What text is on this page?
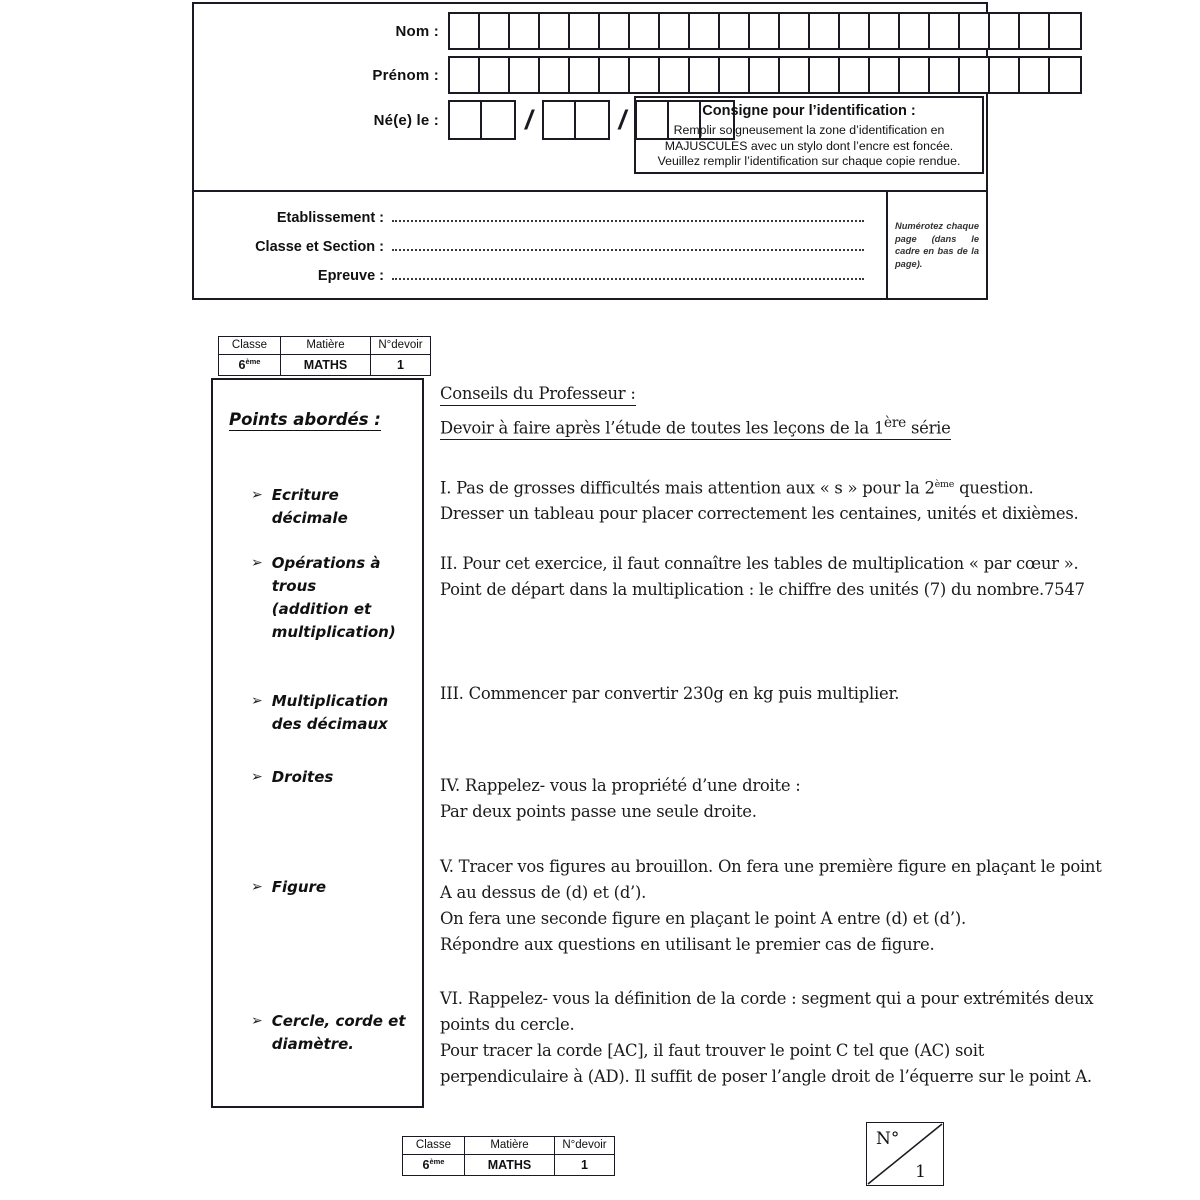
Nom :
Prénom :
Né(e) le :	/	/	Consigne pour l’identification :
Remplir soigneusement la zone d’identification en
MAJUSCULES avec un stylo dont l’encre est foncée.
Veuillez remplir l’identification sur chaque copie rendue.
Etablissement :
Classe et Section :
Epreuve :
Numérotez chaque page (dans le cadre en bas de la page).
Classe	Matière	N°devoir
6ème	MATHS	1
Points abordés :
➢ Ecriture
décimale
➢ Opérations à
trous
(addition et
multiplication)
➢ Multiplication
des décimaux
➢ Droites
➢ Figure
➢ Cercle, corde et
diamètre.
Conseils du Professeur :
Devoir à faire après l’étude de toutes les leçons de la 1ère série
I. Pas de grosses difficultés mais attention aux « s » pour la 2ème question.
Dresser un tableau pour placer correctement les centaines, unités et dixièmes.
II. Pour cet exercice, il faut connaître les tables de multiplication « par cœur ».
Point de départ dans la multiplication : le chiffre des unités (7) du nombre.7547
III. Commencer par convertir 230g en kg puis multiplier.
IV. Rappelez- vous la propriété d’une droite :
Par deux points passe une seule droite.
V. Tracer vos figures au brouillon. On fera une première figure en plaçant le point
A au dessus de (d) et (d’).
On fera une seconde figure en plaçant le point A entre (d) et (d’).
Répondre aux questions en utilisant le premier cas de figure.
VI. Rappelez- vous la définition de la corde : segment qui a pour extrémités deux
points du cercle.
Pour tracer la corde [AC], il faut trouver le point C tel que (AC) soit
perpendiculaire à (AD). Il suffit de poser l’angle droit de l’équerre sur le point A.
Classe	Matière	N°devoir
6ème	MATHS	1
N°
1
